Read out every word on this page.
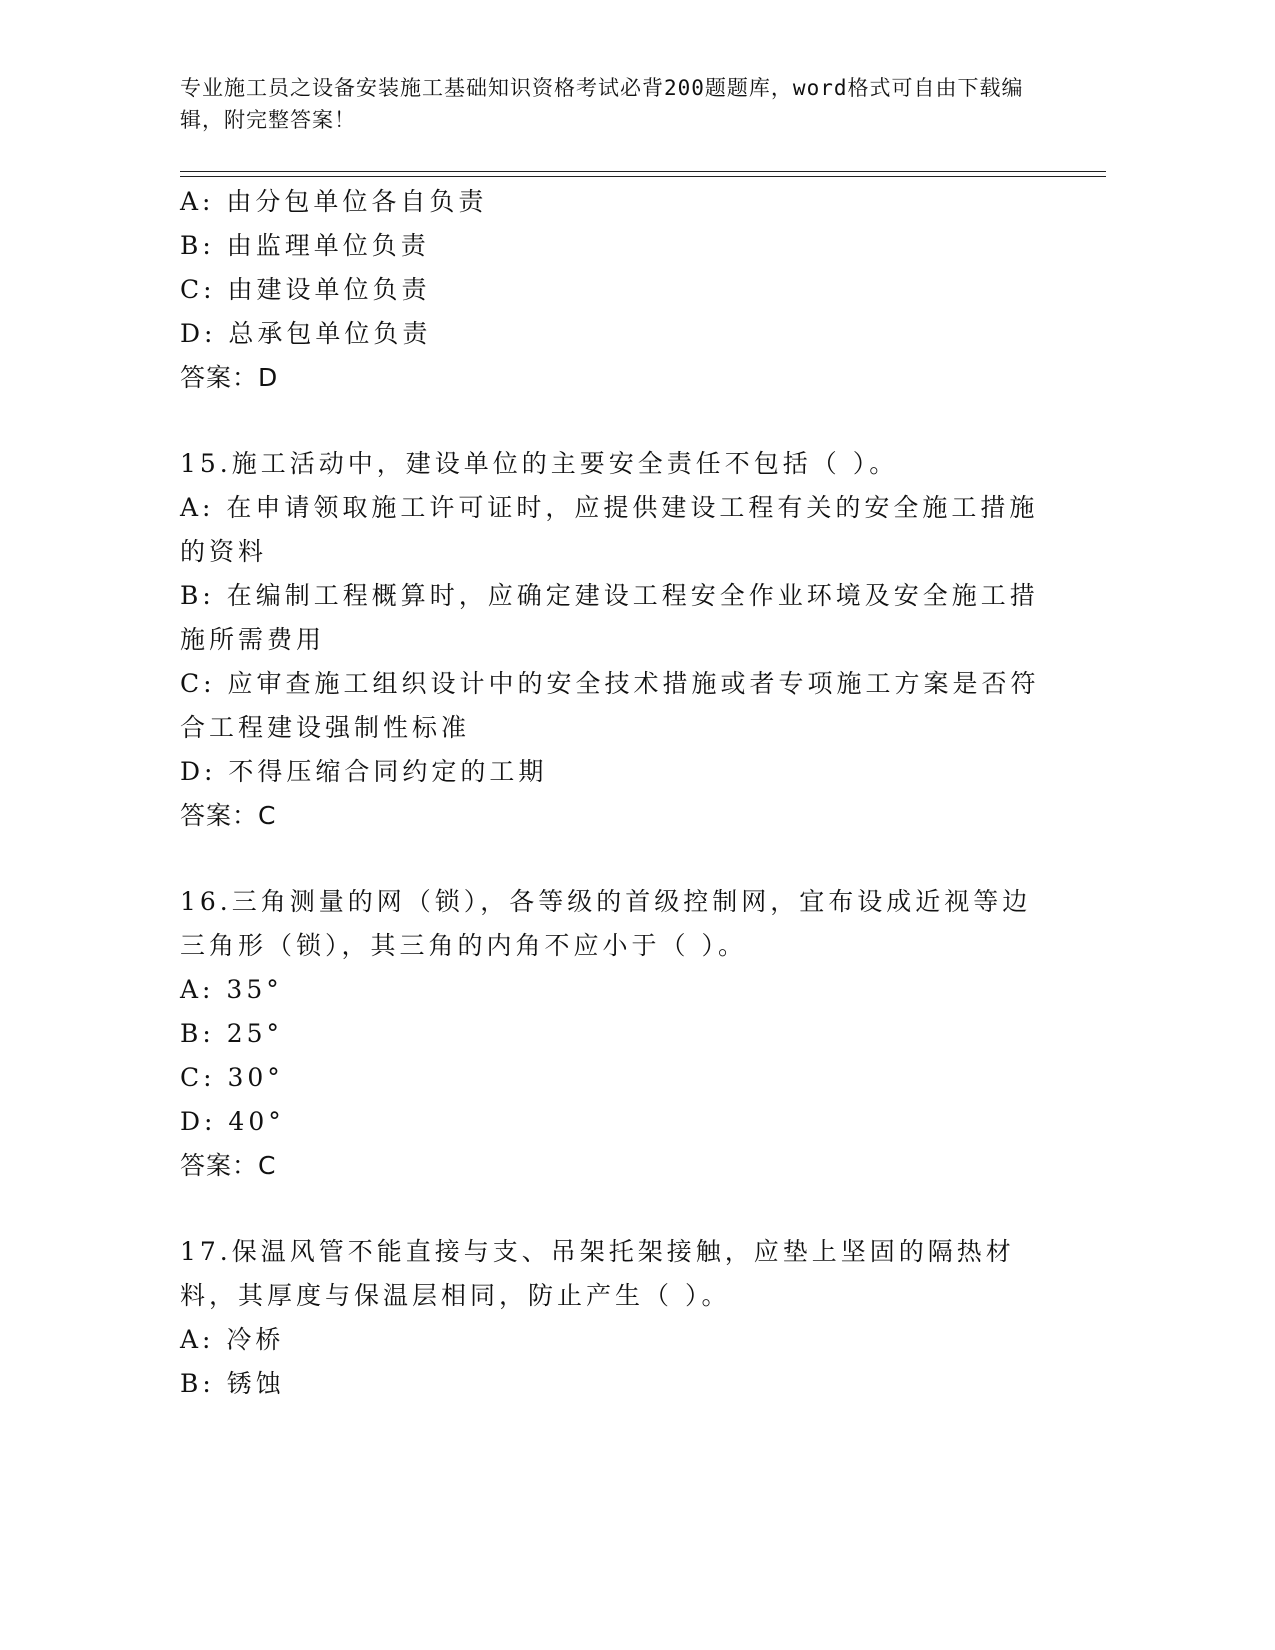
专业施工员之设备安装施工基础知识资格考试必背200题题库，word格式可自由下载编辑，附完整答案！
A: 由分包单位各自负责
B: 由监理单位负责
C: 由建设单位负责
D: 总承包单位负责
答案：D
15.施工活动中，建设单位的主要安全责任不包括（ ）。
A: 在申请领取施工许可证时，应提供建设工程有关的安全施工措施的资料
B: 在编制工程概算时，应确定建设工程安全作业环境及安全施工措施所需费用
C: 应审查施工组织设计中的安全技术措施或者专项施工方案是否符合工程建设强制性标准
D: 不得压缩合同约定的工期
答案：C
16.三角测量的网（锁），各等级的首级控制网，宜布设成近视等边三角形（锁），其三角的内角不应小于（ ）。
A: 35°
B: 25°
C: 30°
D: 40°
答案：C
17.保温风管不能直接与支、吊架托架接触，应垫上坚固的隔热材料，其厚度与保温层相同，防止产生（ ）。
A: 冷桥
B: 锈蚀
